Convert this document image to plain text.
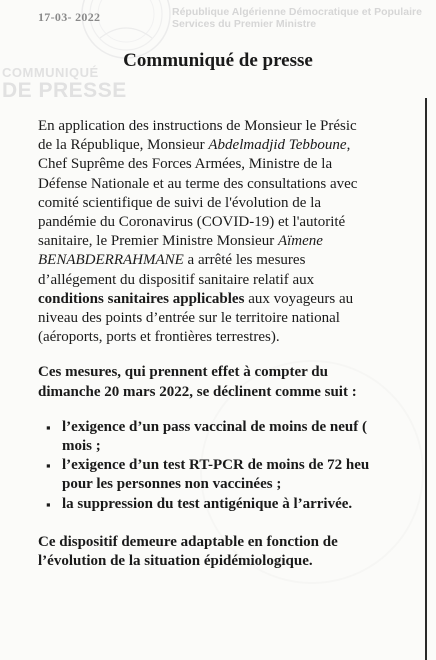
17-03- 2022	République Algérienne Démocratique et Populaire
Services du Premier Ministre
COMMUNIQUÉ
DE PRESSE
Communiqué de presse

En application des instructions de Monsieur le Présic

de la République, Monsieur Abdelmadjid Tebboune,

Chef Suprême des Forces Armées, Ministre de la

Défense Nationale et au terme des consultations avec

comité scientifique de suivi de l'évolution de la

pandémie du Coronavirus (COVID-19) et l'autorité

sanitaire, le Premier Ministre Monsieur Aïmene

BENABDERRAHMANE a arrêté les mesures

d’allégement du dispositif sanitaire relatif aux

conditions sanitaires applicables aux voyageurs au

niveau des points d’entrée sur le territoire national

(aéroports, ports et frontières terrestres).

Ces mesures, qui prennent effet à compter du

dimanche 20 mars 2022, se déclinent comme suit :

▪ l’exigence d’un pass vaccinal de moins de neuf (
mois ;
▪ l’exigence d’un test RT-PCR de moins de 72 heu
pour les personnes non vaccinées ;
▪ la suppression du test antigénique à l’arrivée.

Ce dispositif demeure adaptable en fonction de

l’évolution de la situation épidémiologique.
